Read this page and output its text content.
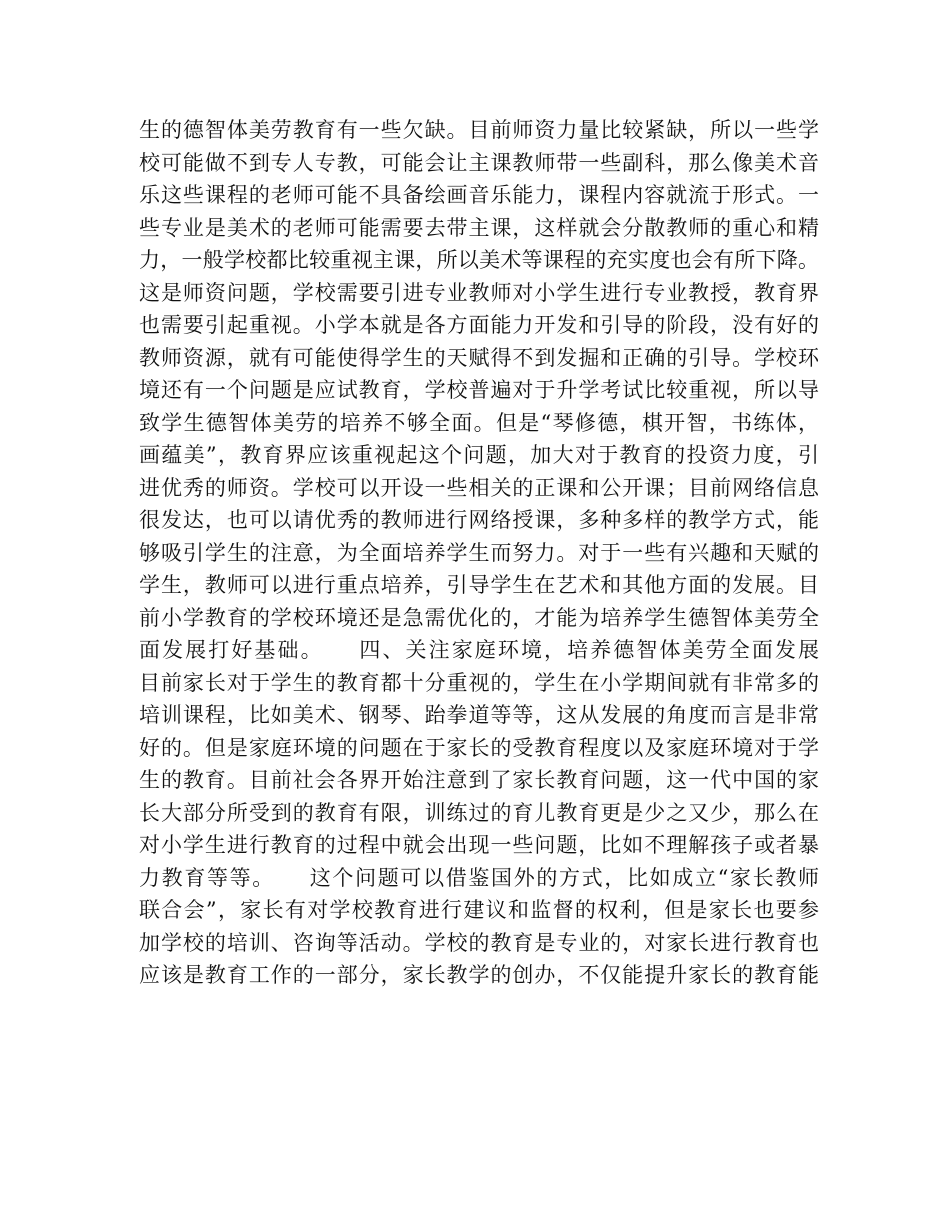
生的德智体美劳教育有一些欠缺。目前师资力量比较紧缺，所以一些学
校可能做不到专人专教，可能会让主课教师带一些副科，那么像美术音
乐这些课程的老师可能不具备绘画音乐能力，课程内容就流于形式。一
些专业是美术的老师可能需要去带主课，这样就会分散教师的重心和精
力，一般学校都比较重视主课，所以美术等课程的充实度也会有所下降。
这是师资问题，学校需要引进专业教师对小学生进行专业教授，教育界
也需要引起重视。小学本就是各方面能力开发和引导的阶段，没有好的
教师资源，就有可能使得学生的天赋得不到发掘和正确的引导。学校环
境还有一个问题是应试教育，学校普遍对于升学考试比较重视，所以导
致学生德智体美劳的培养不够全面。但是“琴修德，棋开智，书练体，
画蕴美”，教育界应该重视起这个问题，加大对于教育的投资力度，引
进优秀的师资。学校可以开设一些相关的正课和公开课；目前网络信息
很发达，也可以请优秀的教师进行网络授课，多种多样的教学方式，能
够吸引学生的注意，为全面培养学生而努力。对于一些有兴趣和天赋的
学生，教师可以进行重点培养，引导学生在艺术和其他方面的发展。目
前小学教育的学校环境还是急需优化的，才能为培养学生德智体美劳全
面发展打好基础。　　四、关注家庭环境，培养德智体美劳全面发展
目前家长对于学生的教育都十分重视的，学生在小学期间就有非常多的
培训课程，比如美术、钢琴、跆拳道等等，这从发展的角度而言是非常
好的。但是家庭环境的问题在于家长的受教育程度以及家庭环境对于学
生的教育。目前社会各界开始注意到了家长教育问题，这一代中国的家
长大部分所受到的教育有限，训练过的育儿教育更是少之又少，那么在
对小学生进行教育的过程中就会出现一些问题，比如不理解孩子或者暴
力教育等等。　　这个问题可以借鉴国外的方式，比如成立“家长教师
联合会”，家长有对学校教育进行建议和监督的权利，但是家长也要参
加学校的培训、咨询等活动。学校的教育是专业的，对家长进行教育也
应该是教育工作的一部分，家长教学的创办，不仅能提升家长的教育能
